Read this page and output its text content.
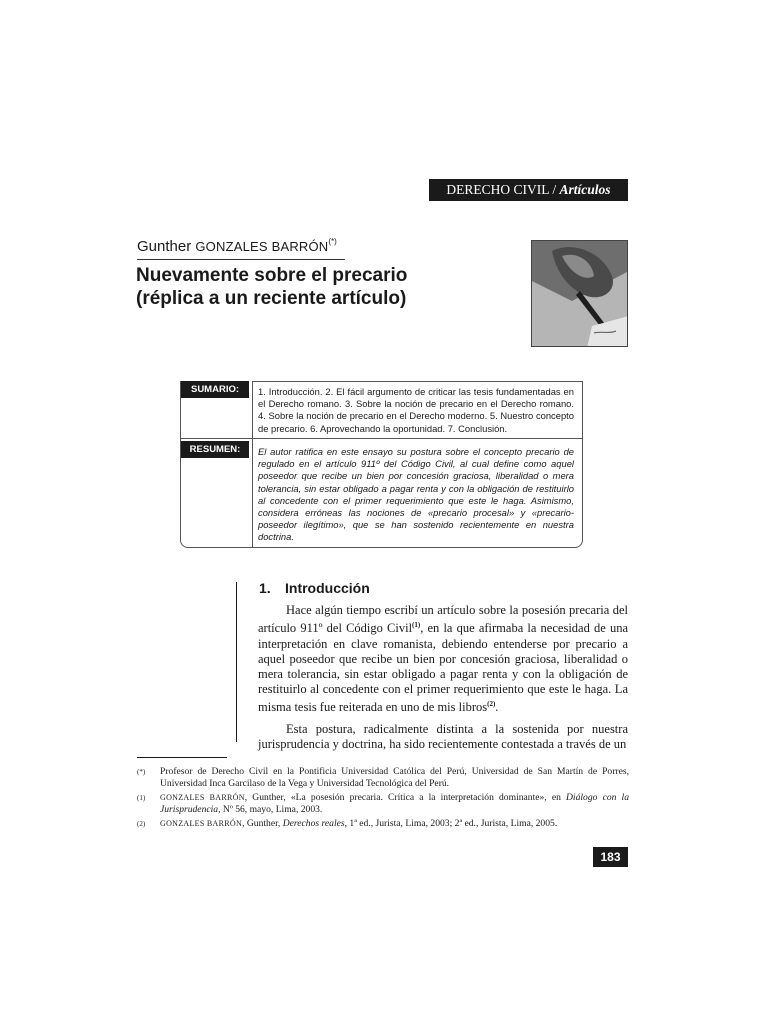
DERECHO CIVIL / Artículos
Gunther GONZALES BARRÓN(*)
Nuevamente sobre el precario
(réplica a un reciente artículo)
SUMARIO:	1. Introducción. 2. El fácil argumento de criticar las tesis fundamentadas en el Derecho romano. 3. Sobre la noción de precario en el Derecho romano. 4. Sobre la noción de precario en el Derecho moderno. 5. Nuestro concepto de precario. 6. Aprovechando la oportunidad. 7. Conclusión.
RESUMEN:	El autor ratifica en este ensayo su postura sobre el concepto precario de regulado en el artículo 911º del Código Civil, al cual define como aquel poseedor que recibe un bien por concesión graciosa, liberalidad o mera tolerancia, sin estar obligado a pagar renta y con la obligación de restituirlo al concedente con el primer requerimiento que este le haga. Asimismo, considera erróneas las nociones de «precario procesal» y «precario-poseedor ilegítimo», que se han sostenido recientemente en nuestra doctrina.
1. Introducción

Hace algún tiempo escribí un artículo sobre la posesión precaria del artículo 911º del Código Civil$^{(1)}$, en la que afirmaba la necesidad de una interpretación en clave romanista, debiendo entenderse por precario a aquel poseedor que recibe un bien por concesión graciosa, liberalidad o mera tolerancia, sin estar obligado a pagar renta y con la obligación de restituirlo al concedente con el primer requerimiento que este le haga. La misma tesis fue reiterada en uno de mis libros$^{(2)}$.

Esta postura, radicalmente distinta a la sostenida por nuestra jurisprudencia y doctrina, ha sido recientemente contestada a través de un

(*) Profesor de Derecho Civil en la Pontificia Universidad Católica del Perú, Universidad de San Martín de Porres, Universidad Inca Garcilaso de la Vega y Universidad Tecnológica del Perú.
(1) GONZALES BARRÓN, Gunther, «La posesión precaria. Crítica a la interpretación dominante», en Diálogo con la Jurisprudencia, Nº 56, mayo, Lima, 2003.
(2) GONZALES BARRÓN, Gunther, Derechos reales, 1ª ed., Jurista, Lima, 2003; 2ª ed., Jurista, Lima, 2005.
183
